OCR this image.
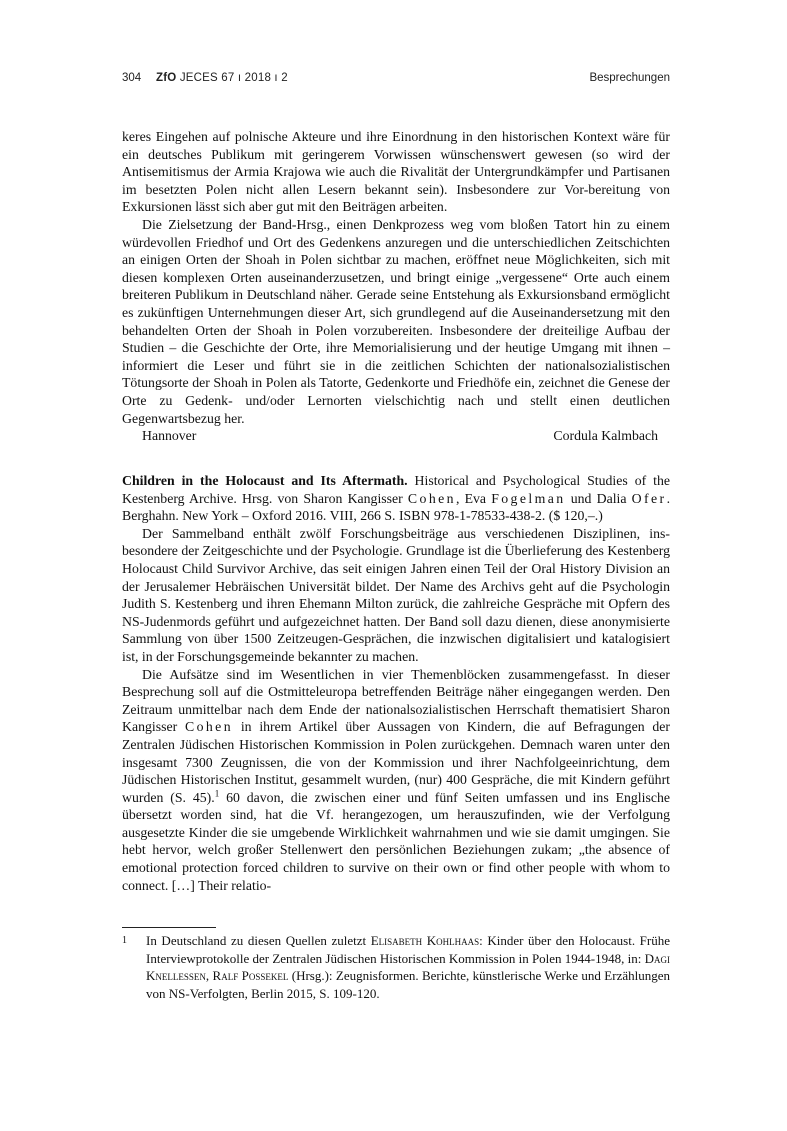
304 ZfO JECES 67 ı 2018 ı 2	Besprechungen

keres Eingehen auf polnische Akteure und ihre Einordnung in den historischen Kontext wäre für ein deutsches Publikum mit geringerem Vorwissen wünschenswert gewesen (so wird der Antisemitismus der Armia Krajowa wie auch die Rivalität der Untergrundkämpfer und Partisanen im besetzten Polen nicht allen Lesern bekannt sein). Insbesondere zur Vor-bereitung von Exkursionen lässt sich aber gut mit den Beiträgen arbeiten.

Die Zielsetzung der Band-Hrsg., einen Denkprozess weg vom bloßen Tatort hin zu einem würdevollen Friedhof und Ort des Gedenkens anzuregen und die unterschiedlichen Zeitschichten an einigen Orten der Shoah in Polen sichtbar zu machen, eröffnet neue Möglichkeiten, sich mit diesen komplexen Orten auseinanderzusetzen, und bringt einige „vergessene“ Orte auch einem breiteren Publikum in Deutschland näher. Gerade seine Entstehung als Exkursionsband ermöglicht es zukünftigen Unternehmungen dieser Art, sich grundlegend auf die Auseinandersetzung mit den behandelten Orten der Shoah in Polen vorzubereiten. Insbesondere der dreiteilige Aufbau der Studien – die Geschichte der Orte, ihre Memorialisierung und der heutige Umgang mit ihnen – informiert die Leser und führt sie in die zeitlichen Schichten der nationalsozialistischen Tötungsorte der Shoah in Polen als Tatorte, Gedenkorte und Friedhöfe ein, zeichnet die Genese der Orte zu Gedenk- und/​oder Lernorten vielschichtig nach und stellt einen deutlichen Gegenwartsbezug her.

Hannover	Cordula Kalmbach

Children in the Holocaust and Its Aftermath. Historical and Psychological Studies of the Kestenberg Archive. Hrsg. von Sharon Kangisser Cohen, Eva Fogelman und Dalia Ofer. Berghahn. New York – Oxford 2016. VIII, 266 S. ISBN 978-1-78533-438-2. ($ 120,–.)

Der Sammelband enthält zwölf Forschungsbeiträge aus verschiedenen Disziplinen, insbesondere der Zeitgeschichte und der Psychologie. Grundlage ist die Überlieferung des Kestenberg Holocaust Child Survivor Archive, das seit einigen Jahren einen Teil der Oral History Division an der Jerusalemer Hebräischen Universität bildet. Der Name des Archivs geht auf die Psychologin Judith S. Kestenberg und ihren Ehemann Milton zurück, die zahlreiche Gespräche mit Opfern des NS-Judenmords geführt und aufgezeichnet hatten. Der Band soll dazu dienen, diese anonymisierte Sammlung von über 1500 Zeitzeugen-​Gesprächen, die inzwischen digitalisiert und katalogisiert ist, in der Forschungsgemeinde bekannter zu machen.

Die Aufsätze sind im Wesentlichen in vier Themenblöcken zusammengefasst. In dieser Besprechung soll auf die Ostmitteleuropa betreffenden Beiträge näher eingegangen werden. Den Zeitraum unmittelbar nach dem Ende der nationalsozialistischen Herrschaft thematisiert Sharon Kangisser Cohen in ihrem Artikel über Aussagen von Kindern, die auf Befragungen der Zentralen Jüdischen Historischen Kommission in Polen zurückgehen. Demnach waren unter den insgesamt 7300 Zeugnissen, die von der Kommission und ihrer Nachfolgeeinrichtung, dem Jüdischen Historischen Institut, gesammelt wurden, (nur) 400 Gespräche, die mit Kindern geführt wurden (S. 45).$^1$ 60 davon, die zwischen einer und fünf Seiten umfassen und ins Englische übersetzt worden sind, hat die Vf. herangezogen, um herauszufinden, wie der Verfolgung ausgesetzte Kinder die sie umgebende Wirklichkeit wahrnahmen und wie sie damit umgingen. Sie hebt hervor, welch großer Stellenwert den persönlichen Beziehungen zukam; „the absence of emotional protection forced children to survive on their own or find other people with whom to connect. […] Their relatio-

1 In Deutschland zu diesen Quellen zuletzt Elisabeth Kohlhaas: Kinder über den Holocaust. Frühe Interviewprotokolle der Zentralen Jüdischen Historischen Kommission in Polen 1944-1948, in: Dagi Knellessen, Ralf Possekel (Hrsg.): Zeugnisformen. Berichte, künstlerische Werke und Erzählungen von NS-Verfolgten, Berlin 2015, S. 109-120.
